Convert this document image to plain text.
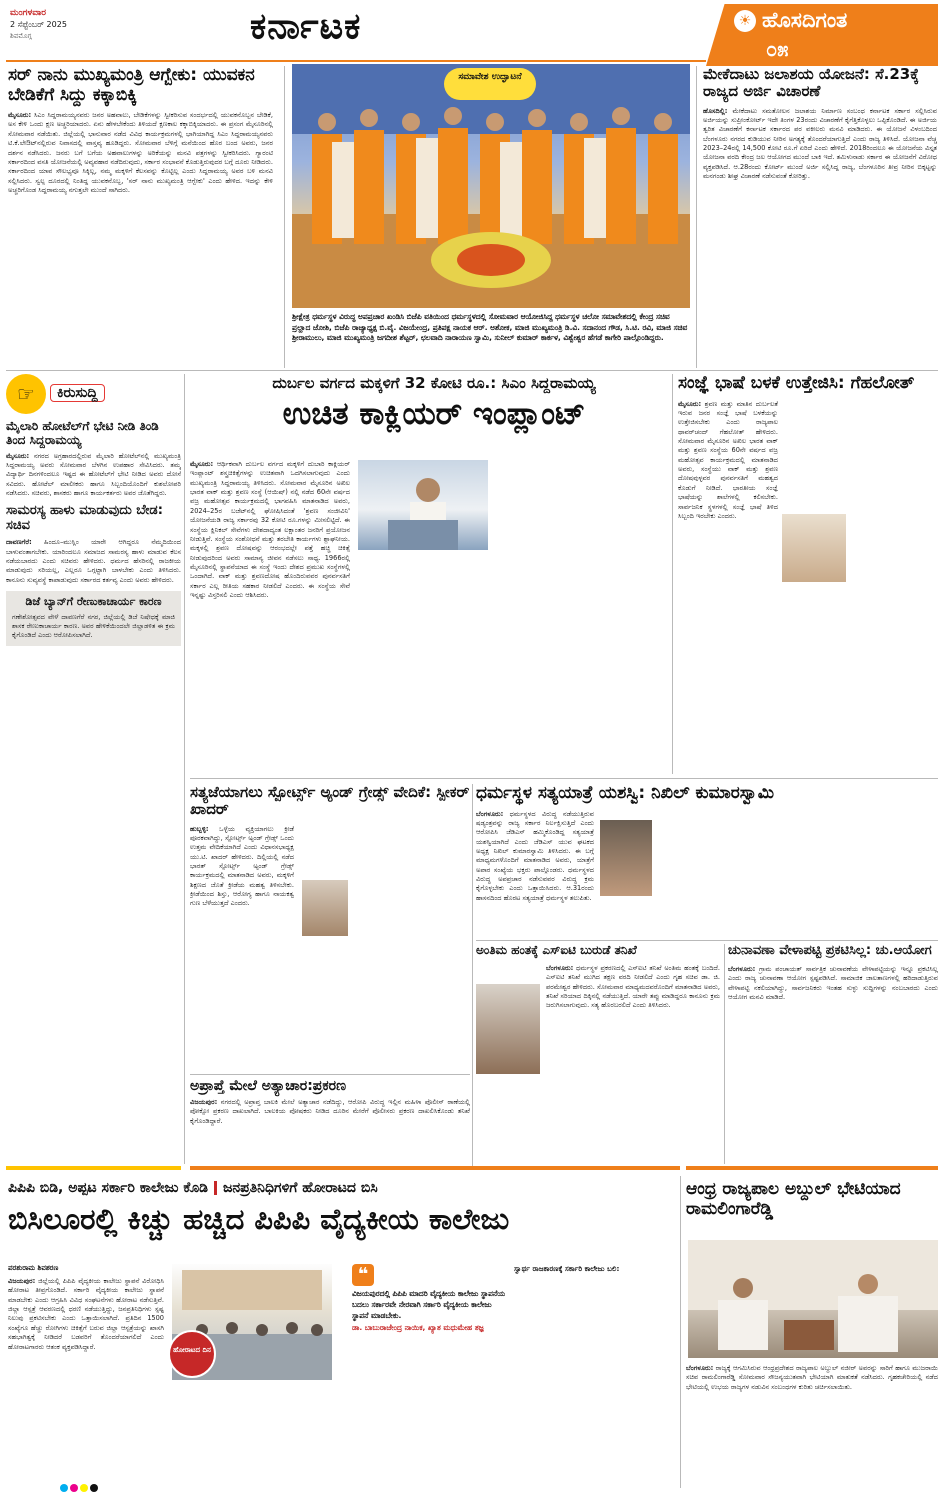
ಮಂಗಳವಾರ
2 ಸೆಪ್ಟೆಂಬರ್ 2025
ಶಿವಮೊಗ್ಗ	ಕರ್ನಾಟಕ	☀ ಹೊಸದಿಗಂತ
೦೫
ಸರ್ ನಾನು ಮುಖ್ಯಮಂತ್ರಿ ಆಗ್ಬೇಕು: ಯುವಕನ ಬೇಡಿಕೆಗೆ ಸಿದ್ದು ಕಕ್ಕಾಬಿಕ್ಕಿ

ಮೈಸೂರು: ಸಿಎಂ ಸಿದ್ದರಾಮಯ್ಯನವರು ಜನರ ಅಹವಾಲು, ಬೇಡಿಕೆಗಳನ್ನು ಸ್ವೀಕರಿಸುವ ಸಂದರ್ಭದಲ್ಲಿ ಯುವಕನೊಬ್ಬನ ಬೇಡಿಕೆ, ಅಸ ಕೇಳಿ ಒಂದು ಕ್ಷಣ ಅಚ್ಚರಿಯಾದರು. ಏನು ಹೇಳಬೇಕೆಂದು ತಿಳಿಯದೆ ಕ್ಷಣಕಾಲ ಕಕ್ಕಾಬಿಕ್ಕಿಯಾದರು. ಈ ಪ್ರಸಂಗ ಮೈಸೂರಿನಲ್ಲಿ ಸೋಮವಾರ ನಡೆಯಿತು. ಜಿಲ್ಲೆಯಲ್ಲಿ ಭಾನುವಾರ ನಡೆದ ವಿವಿಧ ಕಾರ್ಯಕ್ರಮಗಳಲ್ಲಿ ಭಾಗಿಯಾಗಿದ್ದ ಸಿಎಂ ಸಿದ್ದರಾಮಯ್ಯನವರು ಟಿ.ಕೆ.ಲೇಔಟ್‌ನಲ್ಲಿರುವ ನಿವಾಸದಲ್ಲಿ ವಾಸ್ತವ್ಯ ಹೂಡಿದ್ದರು. ಸೋಮವಾರ ಬೆಳಿಗ್ಗೆ ಮನೆಯಿಂದ ಹೊರ ಬಂದ ಅವರು, ಜನರ ದರ್ಶನ ನಡೆಸಿದರು. ಜನರು ಬಗೆ ಬಗೆಯ ಅಹವಾಲುಗಳನ್ನು ಅರಿಕೆಯನ್ನು ಮನವಿ ಪತ್ರಗಳನ್ನು ಸ್ವೀಕರಿಸಿದರು. ಗ್ಯಾರಂಟಿ ಸರ್ಕಾರದಿಂದ ವಸತಿ ಯೋಜನೆಯಲ್ಲಿ ಅವ್ಯವಹಾರ ನಡೆದಿರುವುದು, ಸರ್ಕಾರ ಸಂಭಾವನೆ ಕೊಡುತ್ತಿರುವುದರ ಬಗ್ಗೆ ದೂರು ನೀಡಿದರು. ಸರ್ಕಾರದಿಂದ ಯಾವ ಸೌಲಭ್ಯವೂ ಸಿಕ್ಕಿಲ್ಲ, ನಮ್ಮ ಮಕ್ಕಳಿಗೆ ಕೆಲಸವನ್ನು ಕೊಟ್ಟಿಲ್ಲ ಎಂದು ಸಿದ್ದರಾಮಯ್ಯ ಅವರ ಬಳಿ ಮನವಿ ಸಲ್ಲಿಸಿದರು. ಸ್ವಲ್ಪ ದೂರದಲ್ಲಿ ನಿಂತಿದ್ದ ಯುವಕನೊಬ್ಬ, 'ಸರ್ ನಾನು ಮುಖ್ಯಮಂತ್ರಿ ಆಗ್ಬೇಕು' ಎಂದು ಹೇಳಿದ. ಇದನ್ನು ಕೇಳಿ ಅಚ್ಚರಿಗೊಂಡ ಸಿದ್ದರಾಮಯ್ಯ ನಗುತ್ತಲೇ ಮುಂದೆ ಸಾಗಿದರು.

ಸಮಾವೇಶ ಉದ್ಘಾಟನೆ
ಶ್ರೀಕ್ಷೇತ್ರ ಧರ್ಮಸ್ಥಳ ವಿರುದ್ಧ ಅಪಪ್ರಚಾರ ಖಂಡಿಸಿ ಬಿಜೆಪಿ ವತಿಯಿಂದ ಧರ್ಮಸ್ಥಳದಲ್ಲಿ ಸೋಮವಾರ ಆಯೋಜಿಸಿದ್ದ ಧರ್ಮಸ್ಥಳ ಚಲೋ ಸಮಾವೇಶದಲ್ಲಿ ಕೇಂದ್ರ ಸಚಿವ ಪ್ರಲ್ಹಾದ ಜೋಶಿ, ಬಿಜೆಪಿ ರಾಜ್ಯಾಧ್ಯಕ್ಷ ಬಿ.ವೈ. ವಿಜಯೇಂದ್ರ, ಪ್ರತಿಪಕ್ಷ ನಾಯಕ ಆರ್. ಅಶೋಕ, ಮಾಜಿ ಮುಖ್ಯಮಂತ್ರಿ ಡಿ.ವಿ. ಸದಾನಂದ ಗೌಡ, ಸಿ.ಟಿ. ರವಿ, ಮಾಜಿ ಸಚಿವ ಶ್ರೀರಾಮುಲು, ಮಾಜಿ ಮುಖ್ಯಮಂತ್ರಿ ಜಗದೀಶ ಶೆಟ್ಟರ್, ಛಲವಾದಿ ನಾರಾಯಣ ಸ್ವಾಮಿ, ಸುನೀಲ್ ಕುಮಾರ್ ಕಾರ್ಕಳ, ವಿಶ್ವೇಶ್ವರ ಹೆಗಡೆ ಕಾಗೇರಿ ಪಾಲ್ಗೊಂಡಿದ್ದರು.
ಮೇಕೆದಾಟು ಜಲಾಶಯ ಯೋಜನೆ: ಸೆ.23ಕ್ಕೆ ರಾಜ್ಯದ ಅರ್ಜಿ ವಿಚಾರಣೆ

ಹೊಸದಿಲ್ಲಿ: ಮೇಕೆದಾಟು ಸಮತೋಲನ ಜಲಾಶಯ ನಿರ್ಮಾಣ ಸಂಬಂಧ ಕರ್ನಾಟಕ ಸರ್ಕಾರ ಸಲ್ಲಿಸಿರುವ ಅರ್ಜಿಯನ್ನು ಸುಪ್ರೀಂಕೋರ್ಟ್ ಇದೇ ತಿಂಗಳ 23ರಂದು ವಿಚಾರಣೆಗೆ ಕೈಗೆತ್ತಿಕೊಳ್ಳಲು ಒಪ್ಪಿಕೊಂಡಿದೆ. ಈ ಅರ್ಜಿಯ ತ್ವರಿತ ವಿಚಾರಣೆಗೆ ಕರ್ನಾಟಕ ಸರ್ಕಾರದ ಪರ ವಕೀಲರು ಮನವಿ ಮಾಡಿದರು. ಈ ಯೋಜನೆ ವಿಳಂಬದಿಂದ ಬೆಂಗಳೂರು ನಗರದ ಕುಡಿಯುವ ನೀರಿನ ಅಗತ್ಯಕ್ಕೆ ತೊಂದರೆಯಾಗುತ್ತಿದೆ ಎಂದು ರಾಜ್ಯ ತಿಳಿಸಿದೆ. ಯೋಜನಾ ವೆಚ್ಚ 2023–24ರಲ್ಲಿ 14,500 ಕೋಟಿ ರೂ.ಗೆ ಏರಿದೆ ಎಂದು ಹೇಳಿದೆ. 2018ರಿಂದಲೂ ಈ ಯೋಜನೆಯ ವಿಸ್ತೃತ ಯೋಜನಾ ವರದಿ ಕೇಂದ್ರ ಜಲ ಆಯೋಗದ ಮುಂದೆ ಬಾಕಿ ಇದೆ. ತಮಿಳುನಾಡು ಸರ್ಕಾರ ಈ ಯೋಜನೆಗೆ ವಿರೋಧ ವ್ಯಕ್ತಪಡಿಸಿದೆ. ಆ.28ರಂದು ಕೋರ್ಟ್ ಮುಂದೆ ಅರ್ಜಿ ಸಲ್ಲಿಸಿದ್ದ ರಾಜ್ಯ, ಬೆಂಗಳೂರಿನ ತೀವ್ರ ನೀರಿನ ಬಿಕ್ಕಟ್ಟನ್ನು ಮನಗಂಡು ಶೀಘ್ರ ವಿಚಾರಣೆ ನಡೆಸುವಂತೆ ಕೋರಿತ್ತು.

☞	ಕಿರುಸುದ್ದಿ
ಮೈಲಾರಿ ಹೋಟೆಲ್‌ಗೆ ಭೇಟಿ ನೀಡಿ ತಿಂಡಿ ತಿಂದ ಸಿದ್ದರಾಮಯ್ಯ

ಮೈಸೂರು: ನಗರದ ಅಗ್ರಹಾರದಲ್ಲಿರುವ ಮೈಲಾರಿ ಹೋಟೆಲ್‌ನಲ್ಲಿ ಮುಖ್ಯಮಂತ್ರಿ ಸಿದ್ದರಾಮಯ್ಯ ಅವರು ಸೋಮವಾರ ಬೆಳಗಿನ ಉಪಹಾರ ಸೇವಿಸಿದರು. ತಮ್ಮ ವಿದ್ಯಾರ್ಥಿ ದಿನಗಳಿಂದಲೂ ಇಷ್ಟದ ಈ ಹೋಟೆಲ್‌ಗೆ ಭೇಟಿ ನೀಡಿದ ಅವರು ದೋಸೆ ಸವಿದರು. ಹೋಟೆಲ್ ಮಾಲೀಕರು ಹಾಗೂ ಸಿಬ್ಬಂದಿಯೊಂದಿಗೆ ಕುಶಲೋಪರಿ ನಡೆಸಿದರು. ಸಚಿವರು, ಶಾಸಕರು ಹಾಗೂ ಕಾರ್ಯಕರ್ತರು ಅವರ ಜೊತೆಗಿದ್ದರು.

ಸಾಮರಸ್ಯ ಹಾಳು ಮಾಡುವುದು ಬೇಡ: ಸಚಿವ

ದಾವಣಗೆರೆ: ಹಿಂದೂ–ಮುಸ್ಲಿಂ ಯಾರೇ ಆಗಿದ್ದರೂ ನೆಮ್ಮದಿಯಿಂದ ಬಾಳುವಂತಾಗಬೇಕು. ಯಾರಿಂದಲೂ ಸಮಾಜದ ಸಾಮರಸ್ಯ ಹಾಳು ಮಾಡುವ ಕೆಲಸ ನಡೆಯಬಾರದು ಎಂದು ಸಚಿವರು ಹೇಳಿದರು. ಧರ್ಮದ ಹೆಸರಿನಲ್ಲಿ ರಾಜಕೀಯ ಮಾಡುವುದು ಸರಿಯಲ್ಲ, ಎಲ್ಲರೂ ಒಗ್ಗಟ್ಟಾಗಿ ಬಾಳಬೇಕು ಎಂದು ತಿಳಿಸಿದರು. ಕಾನೂನು ಸುವ್ಯವಸ್ಥೆ ಕಾಪಾಡುವುದು ಸರ್ಕಾರದ ಕರ್ತವ್ಯ ಎಂದು ಅವರು ಹೇಳಿದರು.

ಡಿಜೆ ಬ್ಯಾನ್‌ಗೆ ರೇಣುಕಾಚಾರ್ಯ ಕಾರಣ

ಗಣೇಶೋತ್ಸವದ ವೇಳೆ ದಾವಣಗೆರೆ ನಗರ, ಜಿಲ್ಲೆಯಲ್ಲಿ ಡಿಜೆ ನಿಷೇಧಕ್ಕೆ ಮಾಜಿ ಶಾಸಕ ರೇಣುಕಾಚಾರ್ಯ ಕಾರಣ. ಅವರ ಹೇಳಿಕೆಯಿಂದಲೇ ಜಿಲ್ಲಾಡಳಿತ ಈ ಕ್ರಮ ಕೈಗೊಂಡಿದೆ ಎಂದು ಆರೋಪಿಸಲಾಗಿದೆ.

ದುರ್ಬಲ ವರ್ಗದ ಮಕ್ಕಳಿಗೆ 32 ಕೋಟಿ ರೂ.: ಸಿಎಂ ಸಿದ್ದರಾಮಯ್ಯ
ಉಚಿತ ಕಾಕ್ಲಿಯರ್ ಇಂಪ್ಲಾಂಟ್

ಮೈಸೂರು: ಆರ್ಥಿಕವಾಗಿ ದುರ್ಬಲ ವರ್ಗದ ಮಕ್ಕಳಿಗೆ ದುಬಾರಿ ಕಾಕ್ಲಿಯರ್ ಇಂಪ್ಲಾಂಟ್ ಶಸ್ತ್ರಚಿಕಿತ್ಸೆಗಳನ್ನು ಉಚಿತವಾಗಿ ಒದಗಿಸಲಾಗುವುದು ಎಂದು ಮುಖ್ಯಮಂತ್ರಿ ಸಿದ್ದರಾಮಯ್ಯ ತಿಳಿಸಿದರು. ಸೋಮವಾರ ಮೈಸೂರಿನ ಅಖಿಲ ಭಾರತ ವಾಕ್ ಮತ್ತು ಶ್ರವಣ ಸಂಸ್ಥೆ (ಆಯಿಷ್) ನಲ್ಲಿ ನಡೆದ 60ನೇ ವರ್ಷದ ವಜ್ರ ಮಹೋತ್ಸವ ಕಾರ್ಯಕ್ರಮದಲ್ಲಿ ಭಾಗವಹಿಸಿ ಮಾತನಾಡಿದ ಅವರು, 2024–25ರ ಬಜೆಟ್‌ನಲ್ಲಿ ಘೋಷಿಸಿದಂತೆ 'ಶ್ರವಣ ಸಂಜೀವಿನಿ' ಯೋಜನೆಯಡಿ ರಾಜ್ಯ ಸರ್ಕಾರವು 32 ಕೋಟಿ ರೂ.ಗಳನ್ನು ಮೀಸಲಿಟ್ಟಿದೆ. ಈ ಸಂಸ್ಥೆಯ ಕ್ಲಿನಿಕಲ್ ಸೇವೆಗಳು ದೇಶದಾದ್ಯಂತ ಲಕ್ಷಾಂತರ ಜನರಿಗೆ ಪ್ರಯೋಜನ ನೀಡುತ್ತಿವೆ. ಸಂಸ್ಥೆಯ ಸಂಶೋಧನೆ ಮತ್ತು ತರಬೇತಿ ಕಾರ್ಯಗಳು ಶ್ಲಾಘನೀಯ. ಮಕ್ಕಳಲ್ಲಿ ಶ್ರವಣ ದೋಷವನ್ನು ಆರಂಭದಲ್ಲೇ ಪತ್ತೆ ಹಚ್ಚಿ ಚಿಕಿತ್ಸೆ ನೀಡುವುದರಿಂದ ಅವರು ಸಾಮಾನ್ಯ ಜೀವನ ನಡೆಸಲು ಸಾಧ್ಯ. 1966ರಲ್ಲಿ ಮೈಸೂರಿನಲ್ಲಿ ಸ್ಥಾಪನೆಯಾದ ಈ ಸಂಸ್ಥೆ ಇಂದು ದೇಶದ ಪ್ರಮುಖ ಸಂಸ್ಥೆಗಳಲ್ಲಿ ಒಂದಾಗಿದೆ. ವಾಕ್ ಮತ್ತು ಶ್ರವಣದೋಷ ಹೊಂದಿರುವವರ ಪುನರ್ವಸತಿಗೆ ಸರ್ಕಾರ ಎಲ್ಲ ರೀತಿಯ ಸಹಕಾರ ನೀಡಲಿದೆ ಎಂದರು. ಈ ಸಂಸ್ಥೆಯ ಸೇವೆ ಇನ್ನಷ್ಟು ವಿಸ್ತರಿಸಲಿ ಎಂದು ಆಶಿಸಿದರು.

ಸಂಜ್ಞೆ ಭಾಷೆ ಬಳಕೆ ಉತ್ತೇಜಿಸಿ: ಗೆಹಲೋತ್

ಮೈಸೂರು: ಶ್ರವಣ ಮತ್ತು ಮಾತಿನ ದುರ್ಬಲತೆ ಇರುವ ಜನರ ಸಂಜ್ಞೆ ಭಾಷೆ ಬಳಕೆಯನ್ನು ಉತ್ತೇಜಿಸಬೇಕು ಎಂದು ರಾಜ್ಯಪಾಲ ಥಾವರ್‌ಚಂದ್ ಗೆಹಲೋತ್ ಹೇಳಿದರು. ಸೋಮವಾರ ಮೈಸೂರಿನ ಅಖಿಲ ಭಾರತ ವಾಕ್ ಮತ್ತು ಶ್ರವಣ ಸಂಸ್ಥೆಯ 60ನೇ ವರ್ಷದ ವಜ್ರ ಮಹೋತ್ಸವ ಕಾರ್ಯಕ್ರಮದಲ್ಲಿ ಮಾತನಾಡಿದ ಅವರು, ಸಂಸ್ಥೆಯು ವಾಕ್ ಮತ್ತು ಶ್ರವಣ ದೋಷವುಳ್ಳವರ ಪುನರ್ವಸತಿಗೆ ಮಹತ್ವದ ಕೊಡುಗೆ ನೀಡಿದೆ. ಭಾರತೀಯ ಸಂಜ್ಞೆ ಭಾಷೆಯನ್ನು ಶಾಲೆಗಳಲ್ಲಿ ಕಲಿಸಬೇಕು. ಸಾರ್ವಜನಿಕ ಸ್ಥಳಗಳಲ್ಲಿ ಸಂಜ್ಞೆ ಭಾಷೆ ತಿಳಿದ ಸಿಬ್ಬಂದಿ ಇರಬೇಕು ಎಂದರು.

ಸತ್ಯಜೆಯಾಗಲು ಸ್ಪೋರ್ಟ್ಸ್ ಅ್ಯಂಡ್ ಗ್ರೇಡ್ಸ್ ವೇದಿಕೆ: ಸ್ಪೀಕರ್ ಖಾದರ್

ಹುಬ್ಬಳ್ಳಿ: ಒಳ್ಳೆಯ ವ್ಯಕ್ತಿಯಾಗಲು ಕ್ರೀಡೆ ಪೂರಕವಾಗಿದ್ದು, ಸ್ಪೋರ್ಟ್ಸ್ ಅ್ಯಂಡ್ ಗ್ರೇಡ್ಸ್ ಒಂದು ಉತ್ತಮ ವೇದಿಕೆಯಾಗಿದೆ ಎಂದು ವಿಧಾನಸಭಾಧ್ಯಕ್ಷ ಯು.ಟಿ. ಖಾದರ್ ಹೇಳಿದರು. ದಿಲ್ಲಿಯಲ್ಲಿ ನಡೆದ ಭಾರತ್ ಸ್ಪೋರ್ಟ್ಸ್ ಅ್ಯಂಡ್ ಗ್ರೇಡ್ಸ್ ಕಾರ್ಯಕ್ರಮದಲ್ಲಿ ಮಾತನಾಡಿದ ಅವರು, ಮಕ್ಕಳಿಗೆ ಶಿಕ್ಷಣದ ಜೊತೆ ಕ್ರೀಡೆಯ ಮಹತ್ವ ತಿಳಿಸಬೇಕು. ಕ್ರೀಡೆಯಿಂದ ಶಿಸ್ತು, ಆರೋಗ್ಯ ಹಾಗೂ ನಾಯಕತ್ವ ಗುಣ ಬೆಳೆಯುತ್ತದೆ ಎಂದರು.

ಧರ್ಮಸ್ಥಳ ಸತ್ಯಯಾತ್ರೆ ಯಶಸ್ವಿ: ನಿಖಿಲ್ ಕುಮಾರಸ್ವಾಮಿ

ಬೆಂಗಳೂರು: ಧರ್ಮಸ್ಥಳದ ವಿರುದ್ಧ ನಡೆಯುತ್ತಿರುವ ಷಡ್ಯಂತ್ರವನ್ನು ರಾಜ್ಯ ಸರ್ಕಾರ ನಿರ್ಲಕ್ಷಿಸುತ್ತಿದೆ ಎಂದು ಆರೋಪಿಸಿ ಜೆಡಿಎಸ್ ಹಮ್ಮಿಕೊಂಡಿದ್ದ ಸತ್ಯಯಾತ್ರೆ ಯಶಸ್ವಿಯಾಗಿದೆ ಎಂದು ಜೆಡಿಎಸ್ ಯುವ ಘಟಕದ ಅಧ್ಯಕ್ಷ ನಿಖಿಲ್ ಕುಮಾರಸ್ವಾಮಿ ತಿಳಿಸಿದರು. ಈ ಬಗ್ಗೆ ಮಾಧ್ಯಮಗಳೊಂದಿಗೆ ಮಾತನಾಡಿದ ಅವರು, ಯಾತ್ರೆಗೆ ಅಪಾರ ಸಂಖ್ಯೆಯ ಭಕ್ತರು ಪಾಲ್ಗೊಂಡರು. ಧರ್ಮಸ್ಥಳದ ವಿರುದ್ಧ ಅಪಪ್ರಚಾರ ನಡೆಸುವವರ ವಿರುದ್ಧ ಕ್ರಮ ಕೈಗೊಳ್ಳಬೇಕು ಎಂದು ಒತ್ತಾಯಿಸಿದರು. ಆ.31ರಂದು ಹಾಸನದಿಂದ ಹೊರಟ ಸತ್ಯಯಾತ್ರೆ ಧರ್ಮಸ್ಥಳ ತಲುಪಿತು.

ಅಪ್ರಾಪ್ತೆ ಮೇಲೆ ಅತ್ಯಾಚಾರ:ಪ್ರಕರಣ

ವಿಜಯಪುರ: ನಗರದಲ್ಲಿ ಅಪ್ರಾಪ್ತ ಬಾಲಕಿ ಮೇಲೆ ಅತ್ಯಾಚಾರ ನಡೆದಿದ್ದು, ಆರೋಪಿ ವಿರುದ್ಧ ಇಲ್ಲಿನ ಮಹಿಳಾ ಪೊಲೀಸ್ ಠಾಣೆಯಲ್ಲಿ ಪೋಕ್ಸೋ ಪ್ರಕರಣ ದಾಖಲಾಗಿದೆ. ಬಾಲಕಿಯ ಪೋಷಕರು ನೀಡಿದ ದೂರಿನ ಮೇರೆಗೆ ಪೊಲೀಸರು ಪ್ರಕರಣ ದಾಖಲಿಸಿಕೊಂಡು ತನಿಖೆ ಕೈಗೊಂಡಿದ್ದಾರೆ.

ಅಂತಿಮ ಹಂತಕ್ಕೆ ಎಸ್‌ಐಟಿ ಬುರುಡೆ ತನಿಖೆ

ಬೆಂಗಳೂರು: ಧರ್ಮಸ್ಥಳ ಪ್ರಕರಣದಲ್ಲಿ ಎಸ್‌ಐಟಿ ತನಿಖೆ ಅಂತಿಮ ಹಂತಕ್ಕೆ ಬಂದಿದೆ. ಎಸ್‌ಐಟಿ ತನಿಖೆ ಮುಗಿದ ತಕ್ಷಣ ವರದಿ ನೀಡಲಿದೆ ಎಂದು ಗೃಹ ಸಚಿವ ಡಾ. ಜಿ. ಪರಮೇಶ್ವರ ಹೇಳಿದರು. ಸೋಮವಾರ ಮಾಧ್ಯಮದವರೊಂದಿಗೆ ಮಾತನಾಡಿದ ಅವರು, ತನಿಖೆ ಸರಿಯಾದ ದಿಕ್ಕಿನಲ್ಲಿ ನಡೆಯುತ್ತಿದೆ. ಯಾರೇ ತಪ್ಪು ಮಾಡಿದ್ದರೂ ಕಾನೂನು ಕ್ರಮ ಜರುಗಿಸಲಾಗುವುದು. ಸತ್ಯ ಹೊರಬರಲಿದೆ ಎಂದು ತಿಳಿಸಿದರು.

ಚುನಾವಣಾ ವೇಳಾಪಟ್ಟಿ ಪ್ರಕಟಿಸಿಲ್ಲ: ಚು.ಆಯೋಗ

ಬೆಂಗಳೂರು: ಗ್ರಾಮ ಪಂಚಾಯತ್ ಸಾರ್ವತ್ರಿಕ ಚುನಾವಣೆಯ ವೇಳಾಪಟ್ಟಿಯನ್ನು ಇನ್ನೂ ಪ್ರಕಟಿಸಿಲ್ಲ ಎಂದು ರಾಜ್ಯ ಚುನಾವಣಾ ಆಯೋಗ ಸ್ಪಷ್ಟಪಡಿಸಿದೆ. ಸಾಮಾಜಿಕ ಜಾಲತಾಣಗಳಲ್ಲಿ ಹರಿದಾಡುತ್ತಿರುವ ವೇಳಾಪಟ್ಟಿ ನಕಲಿಯಾಗಿದ್ದು, ಸಾರ್ವಜನಿಕರು ಇಂತಹ ಸುಳ್ಳು ಸುದ್ದಿಗಳನ್ನು ನಂಬಬಾರದು ಎಂದು ಆಯೋಗ ಮನವಿ ಮಾಡಿದೆ.

ಪಿಪಿಪಿ ಬಿಡಿ, ಅಪ್ಪಟ ಸರ್ಕಾರಿ ಕಾಲೇಜು ಕೊಡಿ ಜನಪ್ರತಿನಿಧಿಗಳಿಗೆ ಹೋರಾಟದ ಬಿಸಿ
ಬಿಸಿಲೂರಲ್ಲಿ ಕಿಚ್ಚು ಹಚ್ಚಿದ ಪಿಪಿಪಿ ವೈದ್ಯಕೀಯ ಕಾಲೇಜು
ಪರಶುರಾಮ ಶಿವಶರಣ

ವಿಜಯಪುರ: ಜಿಲ್ಲೆಯಲ್ಲಿ ಪಿಪಿಪಿ ವೈದ್ಯಕೀಯ ಕಾಲೇಜು ಸ್ಥಾಪನೆ ವಿರೋಧಿಸಿ ಹೋರಾಟ ತೀವ್ರಗೊಂಡಿದೆ. ಸರ್ಕಾರಿ ವೈದ್ಯಕೀಯ ಕಾಲೇಜು ಸ್ಥಾಪನೆ ಮಾಡಬೇಕು ಎಂದು ಆಗ್ರಹಿಸಿ ವಿವಿಧ ಸಂಘಟನೆಗಳು ಹೋರಾಟ ನಡೆಸುತ್ತಿವೆ. ಜಿಲ್ಲಾ ಆಸ್ಪತ್ರೆ ಆವರಣದಲ್ಲಿ ಧರಣಿ ನಡೆಯುತ್ತಿದ್ದು, ಜನಪ್ರತಿನಿಧಿಗಳು ಸ್ಪಷ್ಟ ನಿಲುವು ಪ್ರಕಟಿಸಬೇಕು ಎಂದು ಒತ್ತಾಯಿಸಲಾಗಿದೆ. ಪ್ರತಿದಿನ 1500 ಸಂಖ್ಯೆಗೂ ಹೆಚ್ಚು ರೋಗಿಗಳು ಚಿಕಿತ್ಸೆಗೆ ಬರುವ ಜಿಲ್ಲಾ ಆಸ್ಪತ್ರೆಯನ್ನು ಖಾಸಗಿ ಸಹಭಾಗಿತ್ವಕ್ಕೆ ನೀಡಿದರೆ ಬಡವರಿಗೆ ತೊಂದರೆಯಾಗಲಿದೆ ಎಂದು ಹೋರಾಟಗಾರರು ಆತಂಕ ವ್ಯಕ್ತಪಡಿಸಿದ್ದಾರೆ.	ಹೋರಾಟದ ದಿನ
❝
ವಿಜಯಪುರದಲ್ಲಿ ಪಿಪಿಪಿ ಮಾದರಿ ವೈದ್ಯಕೀಯ ಕಾಲೇಜು ಸ್ಥಾಪನೆಯ ಬದಲು ಸರ್ಕಾರವೇ ನೇರವಾಗಿ ಸರ್ಕಾರಿ ವೈದ್ಯಕೀಯ ಕಾಲೇಜು ಸ್ಥಾಪನೆ ಮಾಡಬೇಕು.
ಡಾ. ಬಾಬುರಾಜೇಂದ್ರ ನಾಯಿಕ, ಖ್ಯಾತ ಮಧುಮೇಹ ತಜ್ಞ
ಸ್ವಾರ್ಥ ರಾಜಕಾರಣಕ್ಕೆ ಸರ್ಕಾರಿ ಕಾಲೇಜು ಬಲಿ:
ಆಂಧ್ರ ರಾಜ್ಯಪಾಲ ಅಬ್ದುಲ್ ಭೇಟಿಯಾದ ರಾಮಲಿಂಗಾರೆಡ್ಡಿ

ಬೆಂಗಳೂರು: ರಾಜ್ಯಕ್ಕೆ ಆಗಮಿಸಿರುವ ಆಂಧ್ರಪ್ರದೇಶದ ರಾಜ್ಯಪಾಲ ಅಬ್ದುಲ್ ನಜೀರ್ ಅವರನ್ನು ಸಾರಿಗೆ ಹಾಗೂ ಮುಜರಾಯಿ ಸಚಿವ ರಾಮಲಿಂಗಾರೆಡ್ಡಿ ಸೋಮವಾರ ಸೌಜನ್ಯಯುತವಾಗಿ ಭೇಟಿಯಾಗಿ ಮಾತುಕತೆ ನಡೆಸಿದರು. ಗೃಹಕಚೇರಿಯಲ್ಲಿ ನಡೆದ ಭೇಟಿಯಲ್ಲಿ ಉಭಯ ರಾಜ್ಯಗಳ ನಡುವಿನ ಸಂಬಂಧಗಳ ಕುರಿತು ಚರ್ಚಿಸಲಾಯಿತು.
